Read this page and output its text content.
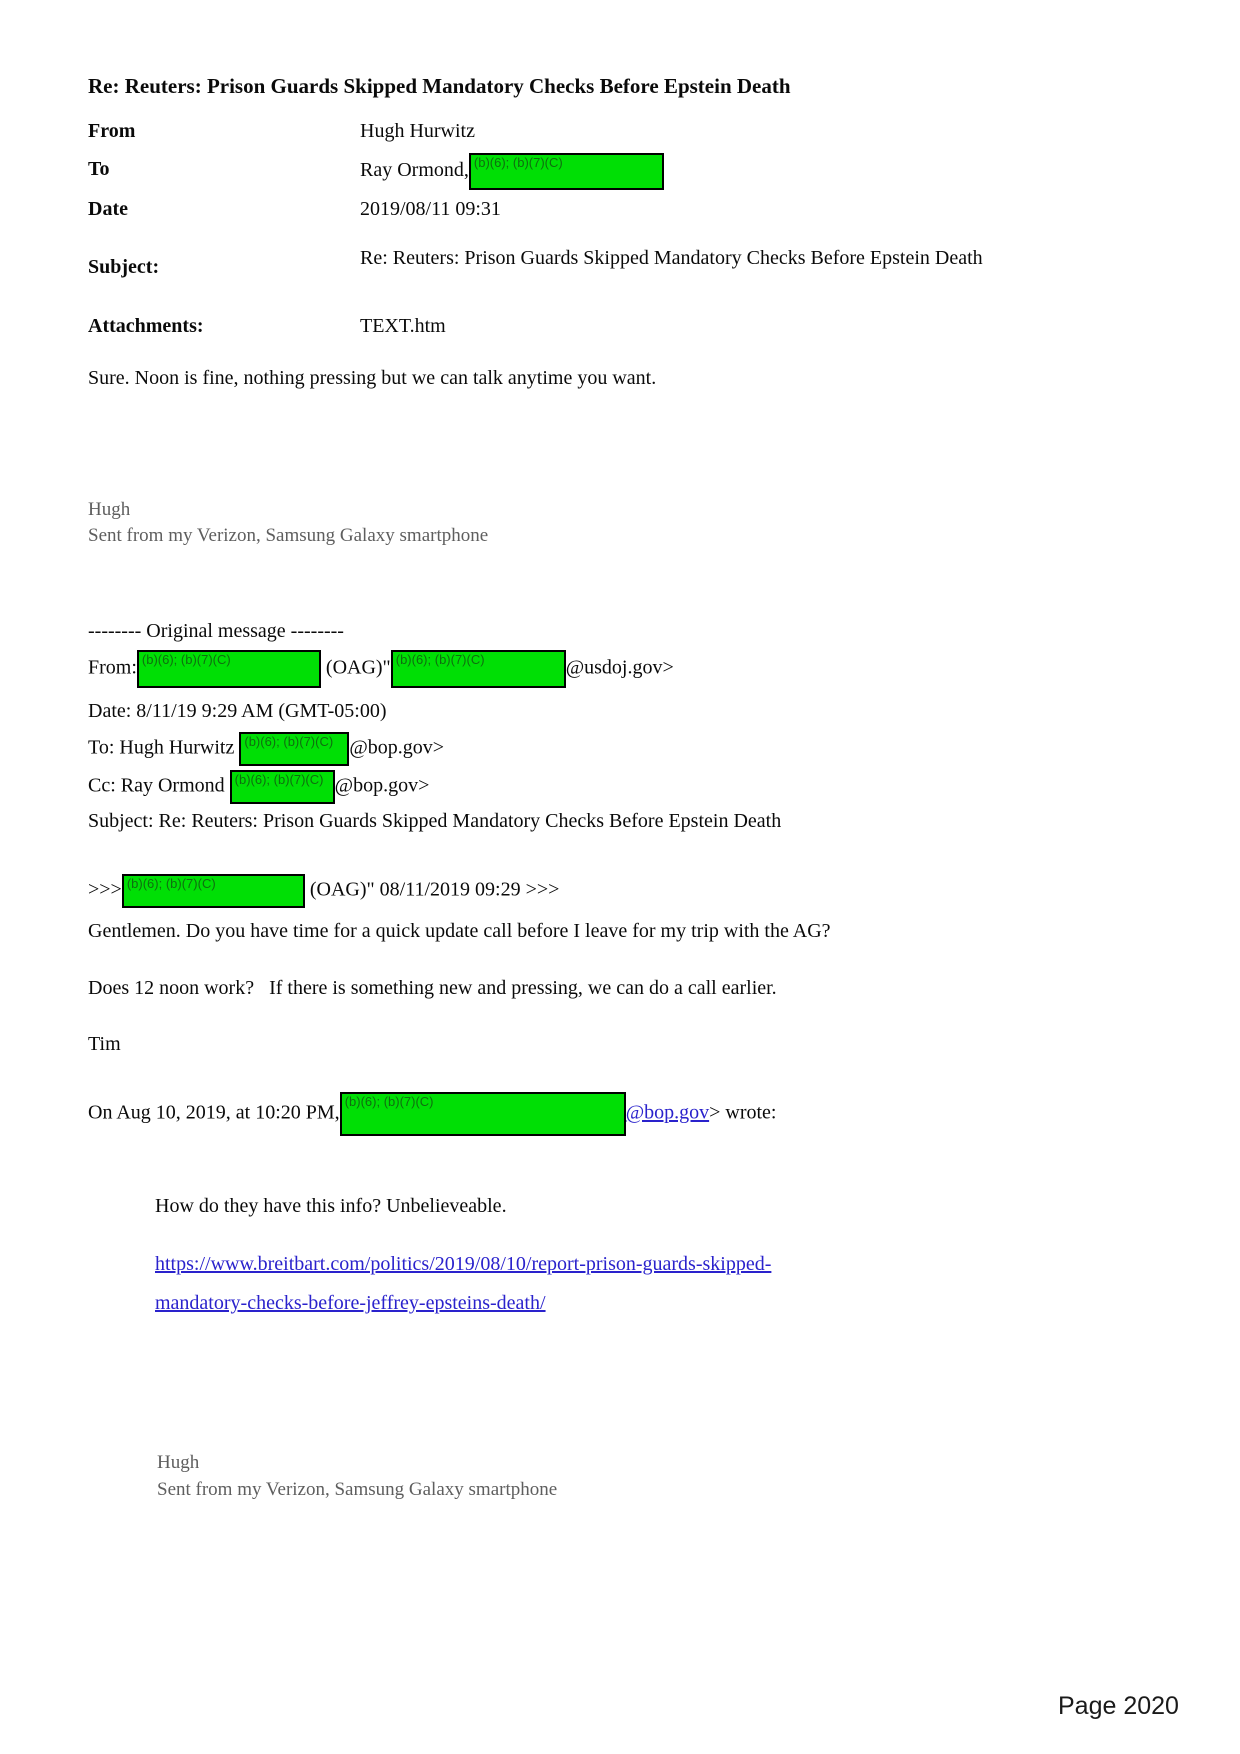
Re: Reuters: Prison Guards Skipped Mandatory Checks Before Epstein Death
From	Hugh Hurwitz
To	Ray Ormond, (b)(6); (b)(7)(C)
Date	2019/08/11 09:31
Subject:	Re: Reuters: Prison Guards Skipped Mandatory Checks Before Epstein Death
Attachments:	TEXT.htm
Sure. Noon is fine, nothing pressing but we can talk anytime you want.
Hugh
Sent from my Verizon, Samsung Galaxy smartphone
-------- Original message --------
From: (b)(6); (b)(7)(C)	(OAG)" (b)(6); (b)(7)(C)	@usdoj.gov>
Date: 8/11/19 9:29 AM (GMT-05:00)
To: Hugh Hurwitz (b)(6); (b)(7)(C) @bop.gov>
Cc: Ray Ormond (b)(6); (b)(7)(C) @bop.gov>
Subject: Re: Reuters: Prison Guards Skipped Mandatory Checks Before Epstein Death
>>> (b)(6); (b)(7)(C)	(OAG)" 08/11/2019 09:29 >>>
Gentlemen. Do you have time for a quick update call before I leave for my trip with the AG?
Does 12 noon work?   If there is something new and pressing, we can do a call earlier.
Tim
On Aug 10, 2019, at 10:20 PM,
(b)(6); (b)(7)(C)
@bop.gov> wrote:
How do they have this info? Unbelieveable.
https://www.breitbart.com/politics/2019/08/10/report-prison-guards-skipped-
mandatory-checks-before-jeffrey-epsteins-death/
Hugh
Sent from my Verizon, Samsung Galaxy smartphone
Page 2020
